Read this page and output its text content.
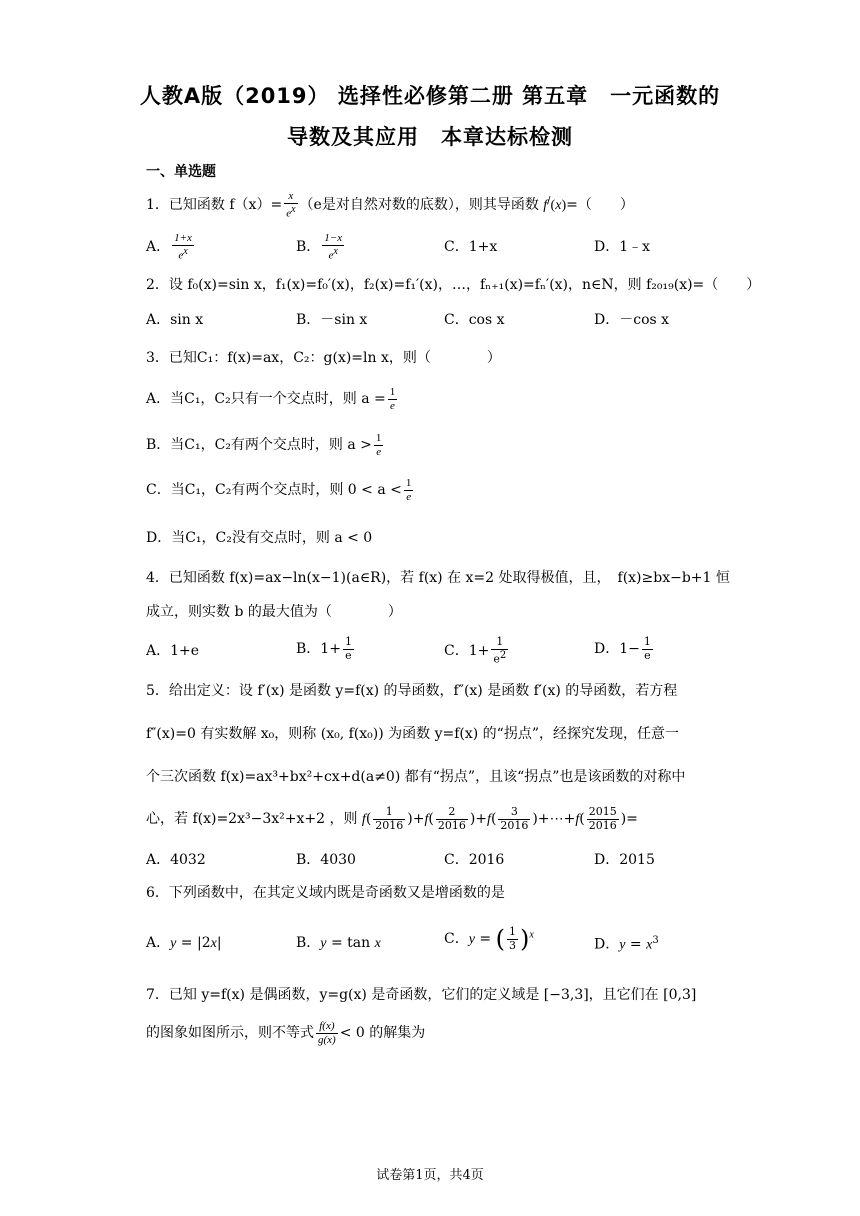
人教A版（2019） 选择性必修第二册 第五章　一元函数的
导数及其应用　本章达标检测
一、单选题
1．已知函数 $f(x)= \frac{x}{e^x} (e$是对自然对数的底数），则其导函数 f/(x)=（　　）
A． $\frac{1+x}{e^x}$	B． $\frac{1-x}{e^x}$	C．1+x	D．1﹣x
2．设 f₀(x)=sin x，f₁(x)=f₀′(x)，f₂(x)=f₁′(x)，…，fₙ₊₁(x)=fₙ′(x)，n∈N，则 f₂₀₁₉(x)=（　　）
A．sin x	B．－sin x	C．cos x	D．－cos x
3．已知C₁：f(x)=ax，C₂：g(x)=ln x，则（　　　　）
A．当C₁，C₂只有一个交点时，则 $a = \frac{1}{e}$
B．当C₁，C₂有两个交点时，则 $a > \frac{1}{e}$
C．当C₁，C₂有两个交点时，则 $0 < a < \frac{1}{e}$
D．当C₁，C₂没有交点时，则 a < 0
4．已知函数 f(x)=ax−ln(x−1)(a∈R)，若 f(x) 在 x=2 处取得极值，且，　f(x)≥bx−b+1 恒
成立，则实数 b 的最大值为（　　　　）
A．1+e	B．$1+ \frac{1}{e}$	C．$1+ \frac{1}{e^2}$	D．$1- \frac{1}{e}$
5．给出定义：设 f′(x) 是函数 y=f(x) 的导函数，f″(x) 是函数 f′(x) 的导函数，若方程
f″(x)=0 有实数解 x₀，则称 (x₀, f(x₀)) 为函数 y=f(x) 的“拐点”，经探究发现，任意一
个三次函数 f(x)=ax³+bx²+cx+d(a≠0) 都有“拐点”，且该“拐点”也是该函数的对称中
心，若 f(x)=2x³−3x²+x+2 ，则 $f( \frac{1}{2016} )+f( \frac{2}{2016} )+f( \frac{3}{2016}$ )+⋯+f( $\frac{2015}{2016}$ )=
A．4032	B．4030	C．2016	D．2015
6．下列函数中，在其定义域内既是奇函数又是增函数的是
A．y = |2x|	B．y = tan x	C．y = ( $\frac{1}{3} )^x$
D．$y = x^3$
7．已知 y=f(x) 是偶函数，y=g(x) 是奇函数，它们的定义域是 [−3,3]，且它们在 [0,3]
的图象如图所示，则不等式 $\frac{f(x)}{g(x)} < 0$ 的解集为
试卷第1页，共4页
